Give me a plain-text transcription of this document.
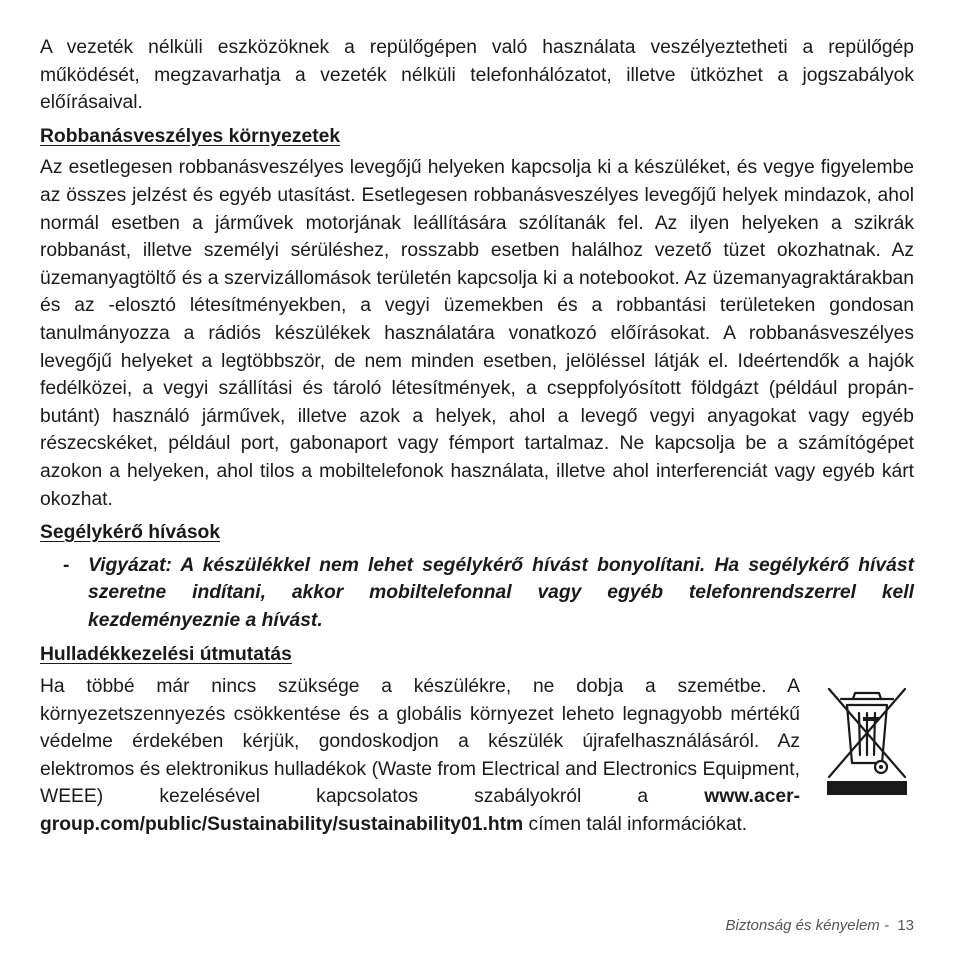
A vezeték nélküli eszközöknek a repülőgépen való használata veszélyeztetheti a repülőgép működését, megzavarhatja a vezeték nélküli telefonhálózatot, illetve ütközhet a jogszabályok előírásaival.

Robbanásveszélyes környezetek

Az esetlegesen robbanásveszélyes levegőjű helyeken kapcsolja ki a készüléket, és vegye figyelembe az összes jelzést és egyéb utasítást. Esetlegesen robbanásveszélyes levegőjű helyek mindazok, ahol normál esetben a járművek motorjának leállítására szólítanák fel. Az ilyen helyeken a szikrák robbanást, illetve személyi sérüléshez, rosszabb esetben halálhoz vezető tüzet okozhatnak. Az üzemanyagtöltő és a szervizállomások területén kapcsolja ki a notebookot. Az üzemanyagraktárakban és az -elosztó létesítményekben, a vegyi üzemekben és a robbantási területeken gondosan tanulmányozza a rádiós készülékek használatára vonatkozó előírásokat. A robbanásveszélyes levegőjű helyeket a legtöbbször, de nem minden esetben, jelöléssel látják el. Ideértendők a hajók fedélközei, a vegyi szállítási és tároló létesítmények, a cseppfolyósított földgázt (például propán-butánt) használó járművek, illetve azok a helyek, ahol a levegő vegyi anyagokat vagy egyéb részecskéket, például port, gabonaport vagy fémport tartalmaz. Ne kapcsolja be a számítógépet azokon a helyeken, ahol tilos a mobiltelefonok használata, illetve ahol interferenciát vagy egyéb kárt okozhat.

Segélykérő hívások
- Vigyázat: A készülékkel nem lehet segélykérő hívást bonyolítani. Ha segélykérő hívást szeretne indítani, akkor mobiltelefonnal vagy egyéb telefonrendszerrel kell kezdeményeznie a hívást.

Hulladékkezelési útmutatás

Ha többé már nincs szüksége a készülékre, ne dobja a szemétbe. A környezetszennyezés csökkentése és a globális környezet leheto legnagyobb mértékű védelme érdekében kérjük, gondoskodjon a készülék újrafelhasználásáról. Az elektromos és elektronikus hulladékok (Waste from Electrical and Electronics Equipment, WEEE) kezelésével kapcsolatos szabályokról a	www.acer-group.com/public/Sustainability/sustainability01.htm címen talál információkat.

Biztonság és kényelem - 13
